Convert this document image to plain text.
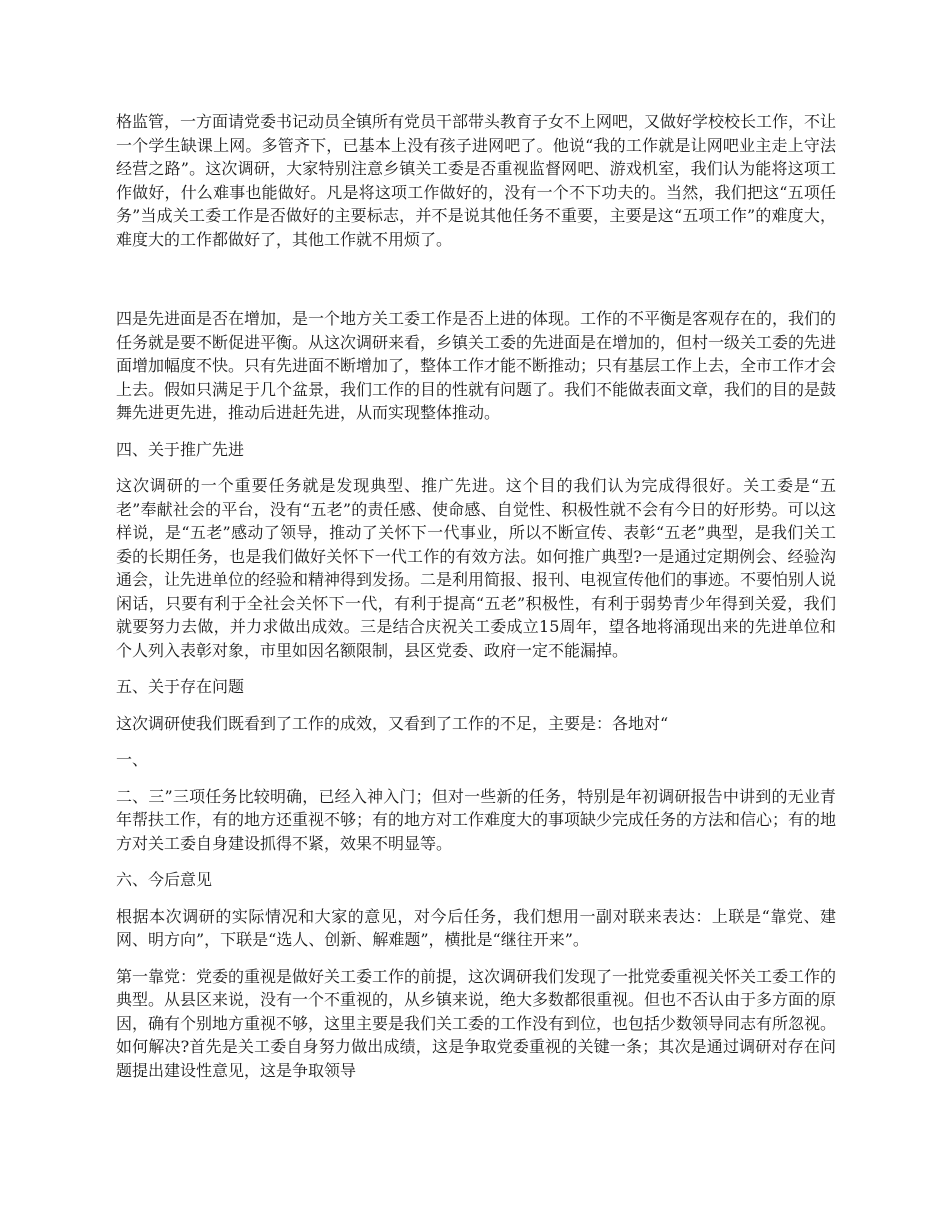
格监管，一方面请党委书记动员全镇所有党员干部带头教育子女不上网吧，又做好学校校长工作，不让一个学生缺课上网。多管齐下，已基本上没有孩子进网吧了。他说“我的工作就是让网吧业主走上守法经营之路”。这次调研，大家特别注意乡镇关工委是否重视监督网吧、游戏机室，我们认为能将这项工作做好，什么难事也能做好。凡是将这项工作做好的，没有一个不下功夫的。当然，我们把这“五项任务”当成关工委工作是否做好的主要标志，并不是说其他任务不重要，主要是这“五项工作”的难度大，难度大的工作都做好了，其他工作就不用烦了。

四是先进面是否在增加，是一个地方关工委工作是否上进的体现。工作的不平衡是客观存在的，我们的任务就是要不断促进平衡。从这次调研来看，乡镇关工委的先进面是在增加的，但村一级关工委的先进面增加幅度不快。只有先进面不断增加了，整体工作才能不断推动；只有基层工作上去，全市工作才会上去。假如只满足于几个盆景，我们工作的目的性就有问题了。我们不能做表面文章，我们的目的是鼓舞先进更先进，推动后进赶先进，从而实现整体推动。

四、关于推广先进

这次调研的一个重要任务就是发现典型、推广先进。这个目的我们认为完成得很好。关工委是“五老”奉献社会的平台，没有“五老”的责任感、使命感、自觉性、积极性就不会有今日的好形势。可以这样说，是“五老”感动了领导，推动了关怀下一代事业，所以不断宣传、表彰“五老”典型，是我们关工委的长期任务，也是我们做好关怀下一代工作的有效方法。如何推广典型?一是通过定期例会、经验沟通会，让先进单位的经验和精神得到发扬。二是利用简报、报刊、电视宣传他们的事迹。不要怕别人说闲话，只要有利于全社会关怀下一代，有利于提高“五老”积极性，有利于弱势青少年得到关爱，我们就要努力去做，并力求做出成效。三是结合庆祝关工委成立15周年，望各地将涌现出来的先进单位和个人列入表彰对象，市里如因名额限制，县区党委、政府一定不能漏掉。

五、关于存在问题

这次调研使我们既看到了工作的成效，又看到了工作的不足，主要是：各地对“

一、

二、三”三项任务比较明确，已经入神入门；但对一些新的任务，特别是年初调研报告中讲到的无业青年帮扶工作，有的地方还重视不够；有的地方对工作难度大的事项缺少完成任务的方法和信心；有的地方对关工委自身建设抓得不紧，效果不明显等。

六、今后意见

根据本次调研的实际情况和大家的意见，对今后任务，我们想用一副对联来表达：上联是“靠党、建网、明方向”，下联是“选人、创新、解难题”，横批是“继往开来”。

第一靠党：党委的重视是做好关工委工作的前提，这次调研我们发现了一批党委重视关怀关工委工作的典型。从县区来说，没有一个不重视的，从乡镇来说，绝大多数都很重视。但也不否认由于多方面的原因，确有个别地方重视不够，这里主要是我们关工委的工作没有到位，也包括少数领导同志有所忽视。如何解决?首先是关工委自身努力做出成绩，这是争取党委重视的关键一条；其次是通过调研对存在问题提出建设性意见，这是争取领导
